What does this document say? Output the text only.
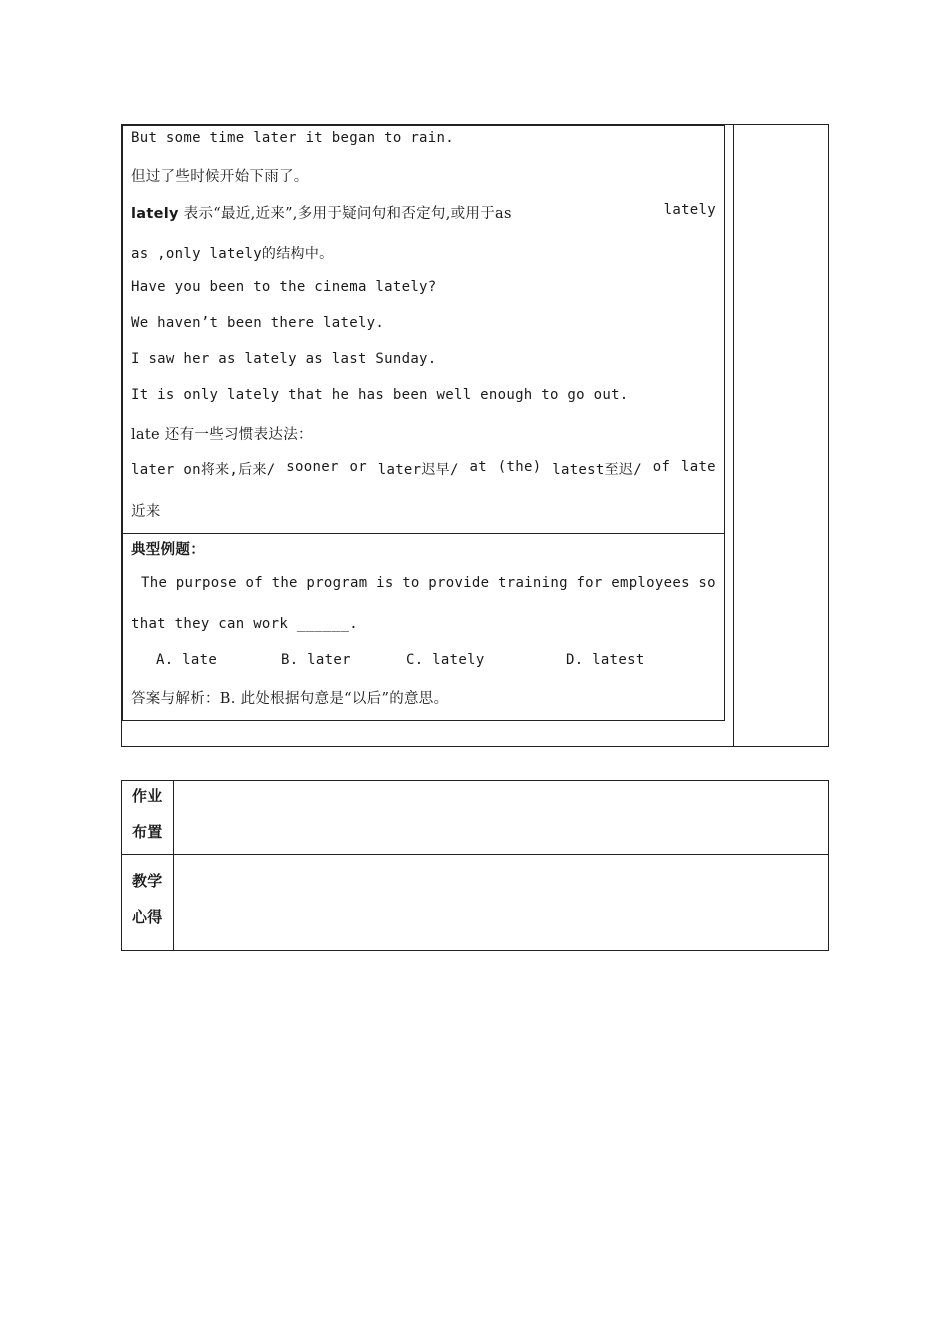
But some time later it began to rain.
但过了些时候开始下雨了。
lately 表示“最近,近来”,多用于疑问句和否定句,或用于as	lately
as ,only lately的结构中。
Have you been to the cinema lately?
We haven’t been there lately.
I saw her as lately as last Sunday.
It is only lately that he has been well enough to go out.
late 还有一些习惯表达法：
later on将来,后来/ sooner or later迟早/ at (the) latest至迟/ of late
近来
典型例题：
The purpose of the program is to provide training for employees so
that they can work ______.
A. late	B. later	C. lately	D. latest
答案与解析：B. 此处根据句意是“以后”的意思。
作业
布置
教学
心得
